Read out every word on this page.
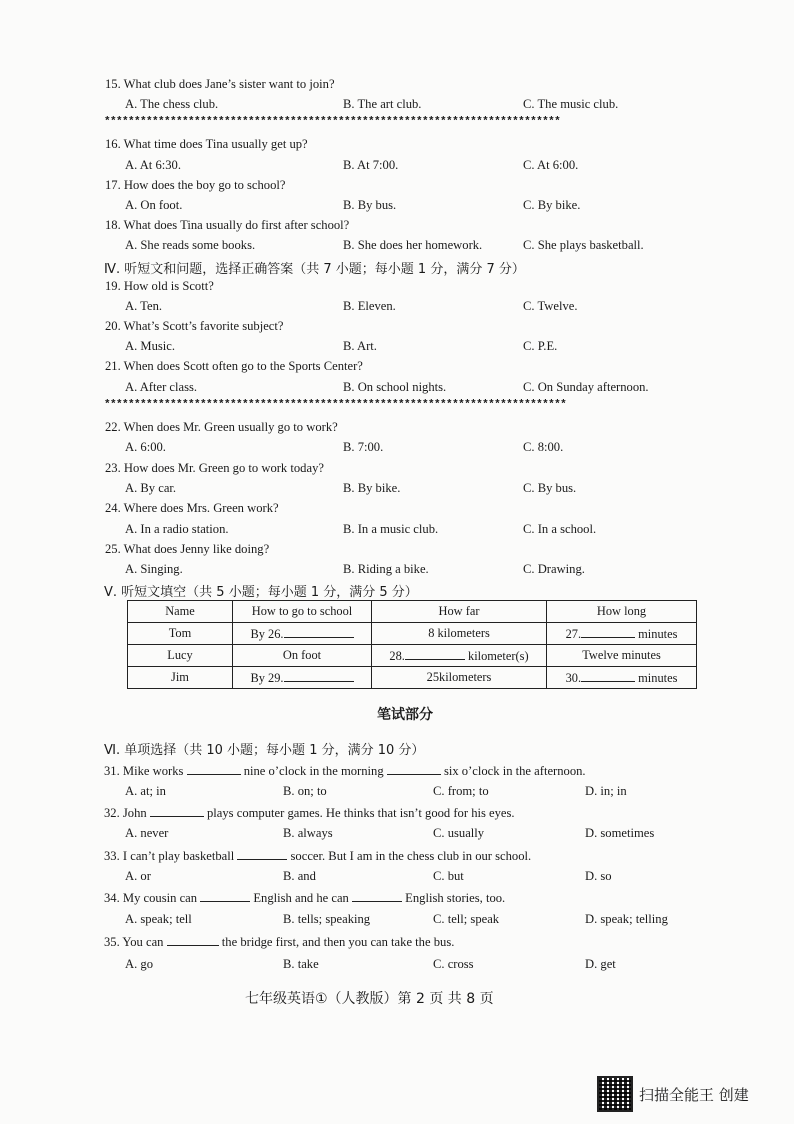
15. What club does Jane’s sister want to join?
A. The chess club.	B. The art club.	C. The music club.
****************************************************************************
16. What time does Tina usually get up?
A. At 6:30.	B. At 7:00.	C. At 6:00.
17. How does the boy go to school?
A. On foot.	B. By bus.	C. By bike.
18. What does Tina usually do first after school?
A. She reads some books.	B. She does her homework.	C. She plays basketball.
Ⅳ. 听短文和问题，选择正确答案（共 7 小题；每小题 1 分，满分 7 分）
19. How old is Scott?
A. Ten.	B. Eleven.	C. Twelve.
20. What’s Scott’s favorite subject?
A. Music.	B. Art.	C. P.E.
21. When does Scott often go to the Sports Center?
A. After class.	B. On school nights.	C. On Sunday afternoon.
*****************************************************************************
22. When does Mr. Green usually go to work?
A. 6:00.	B. 7:00.	C. 8:00.
23. How does Mr. Green go to work today?
A. By car.	B. By bike.	C. By bus.
24. Where does Mrs. Green work?
A. In a radio station.	B. In a music club.	C. In a school.
25. What does Jenny like doing?
A. Singing.	B. Riding a bike.	C. Drawing.
Ⅴ. 听短文填空（共 5 小题；每小题 1 分，满分 5 分）
Name	How to go to school	How far	How long
Tom	By 26.	8 kilometers	27. minutes
Lucy	On foot	28. kilometer(s)	Twelve minutes
Jim	By 29.	25kilometers	30. minutes
笔试部分
Ⅵ. 单项选择（共 10 小题；每小题 1 分，满分 10 分）
31. Mike works	nine o’clock in the morning	six o’clock in the afternoon.
A. at; in	B. on; to	C. from; to	D. in; in
32. John	plays computer games. He thinks that isn’t good for his eyes.
A. never	B. always	C. usually	D. sometimes
33. I can’t play basketball	soccer. But I am in the chess club in our school.
A. or	B. and	C. but	D. so
34. My cousin can	English and he can	English stories, too.
A. speak; tell	B. tells; speaking	C. tell; speak	D. speak; telling
35. You can	the bridge first, and then you can take the bus.
A. go	B. take	C. cross	D. get
七年级英语①（人教版）第 2 页 共 8 页
扫描全能王 创建
